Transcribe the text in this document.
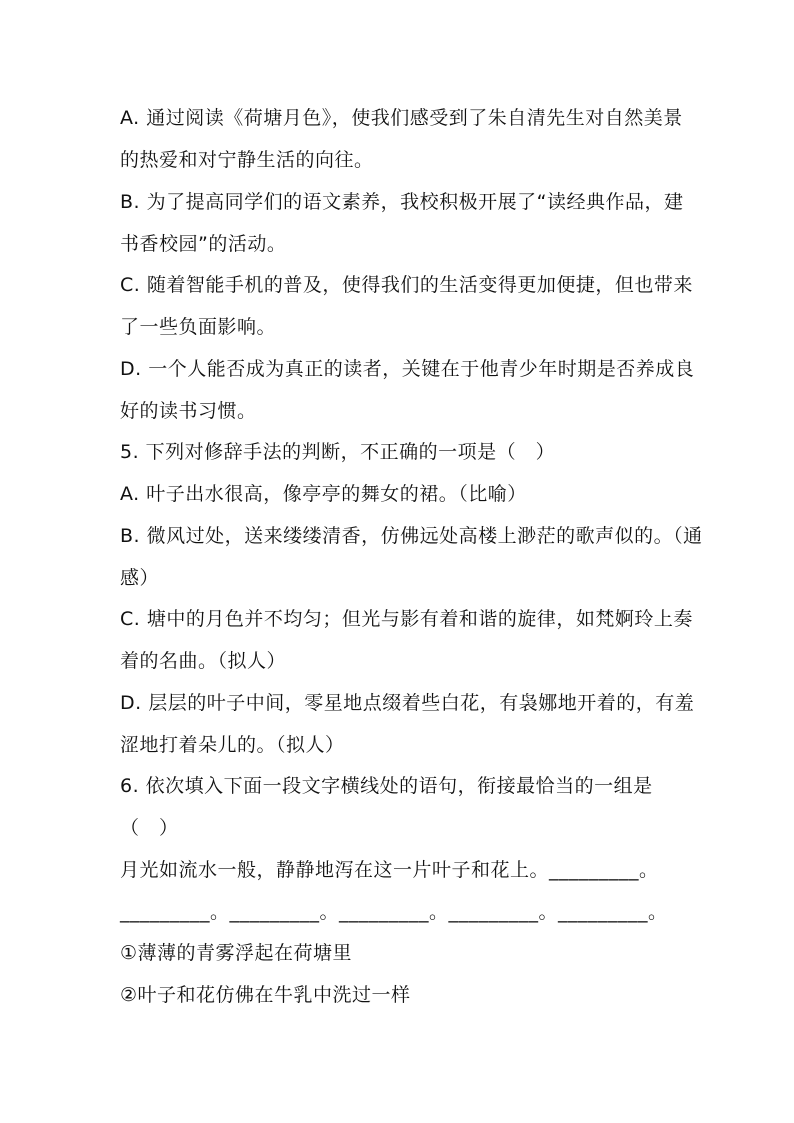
A. 通过阅读《荷塘月色》，使我们感受到了朱自清先生对自然美景
的热爱和对宁静生活的向往。
B. 为了提高同学们的语文素养，我校积极开展了“读经典作品，建
书香校园”的活动。
C. 随着智能手机的普及，使得我们的生活变得更加便捷，但也带来
了一些负面影响。
D. 一个人能否成为真正的读者，关键在于他青少年时期是否养成良
好的读书习惯。
5. 下列对修辞手法的判断，不正确的一项是（　）
A. 叶子出水很高，像亭亭的舞女的裙。（比喻）
B. 微风过处，送来缕缕清香，仿佛远处高楼上渺茫的歌声似的。（通
感）
C. 塘中的月色并不均匀；但光与影有着和谐的旋律，如梵婀玲上奏
着的名曲。（拟人）
D. 层层的叶子中间，零星地点缀着些白花，有袅娜地开着的，有羞
涩地打着朵儿的。（拟人）
6. 依次填入下面一段文字横线处的语句，衔接最恰当的一组是
（　）
月光如流水一般，静静地泻在这一片叶子和花上。_________。
_________。_________。_________。_________。_________。
①薄薄的青雾浮起在荷塘里
②叶子和花仿佛在牛乳中洗过一样
